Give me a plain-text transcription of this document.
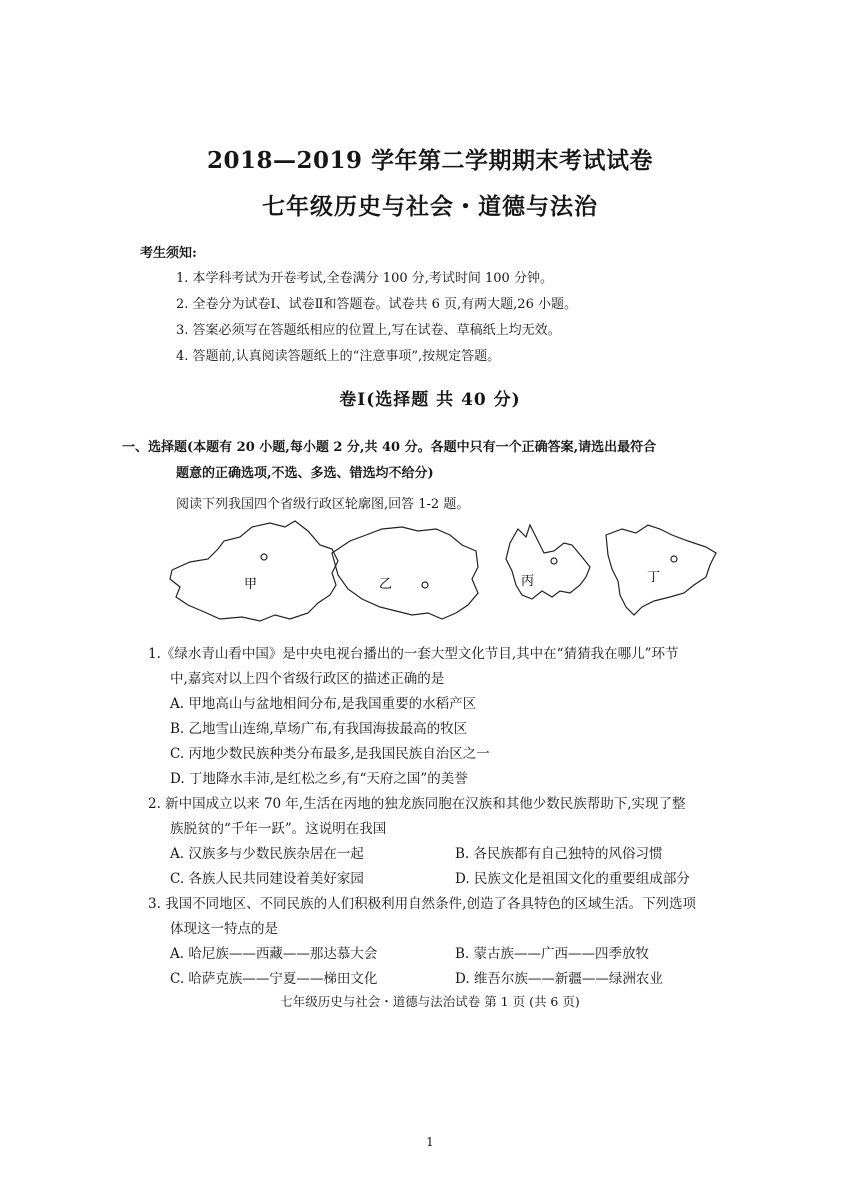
2018—2019 学年第二学期期末考试试卷
七年级历史与社会・道德与法治
考生须知:
1. 本学科考试为开卷考试,全卷满分 100 分,考试时间 100 分钟。
2. 全卷分为试卷Ⅰ、试卷Ⅱ和答题卷。试卷共 6 页,有两大题,26 小题。
3. 答案必须写在答题纸相应的位置上,写在试卷、草稿纸上均无效。
4. 答题前,认真阅读答题纸上的“注意事项”,按规定答题。
卷Ⅰ(选择题 共 40 分)
一、选择题(本题有 20 小题,每小题 2 分,共 40 分。各题中只有一个正确答案,请选出最符合
题意的正确选项,不选、多选、错选均不给分)
阅读下列我国四个省级行政区轮廓图,回答 1-2 题。
甲	乙	丙	丁
1.《绿水青山看中国》是中央电视台播出的一套大型文化节目,其中在“猜猜我在哪儿”环节
中,嘉宾对以上四个省级行政区的描述正确的是
A. 甲地高山与盆地相间分布,是我国重要的水稻产区
B. 乙地雪山连绵,草场广布,有我国海拔最高的牧区
C. 丙地少数民族种类分布最多,是我国民族自治区之一
D. 丁地降水丰沛,是红松之乡,有“天府之国”的美誉
2. 新中国成立以来 70 年,生活在丙地的独龙族同胞在汉族和其他少数民族帮助下,实现了整
族脱贫的“千年一跃”。这说明在我国
A. 汉族多与少数民族杂居在一起	B. 各民族都有自己独特的风俗习惯
C. 各族人民共同建设着美好家园	D. 民族文化是祖国文化的重要组成部分
3. 我国不同地区、不同民族的人们积极利用自然条件,创造了各具特色的区域生活。下列选项
体现这一特点的是
A. 哈尼族——西藏——那达慕大会	B. 蒙古族——广西——四季放牧
C. 哈萨克族——宁夏——梯田文化	D. 维吾尔族——新疆——绿洲农业
七年级历史与社会・道德与法治试卷 第 1 页 (共 6 页)
1
